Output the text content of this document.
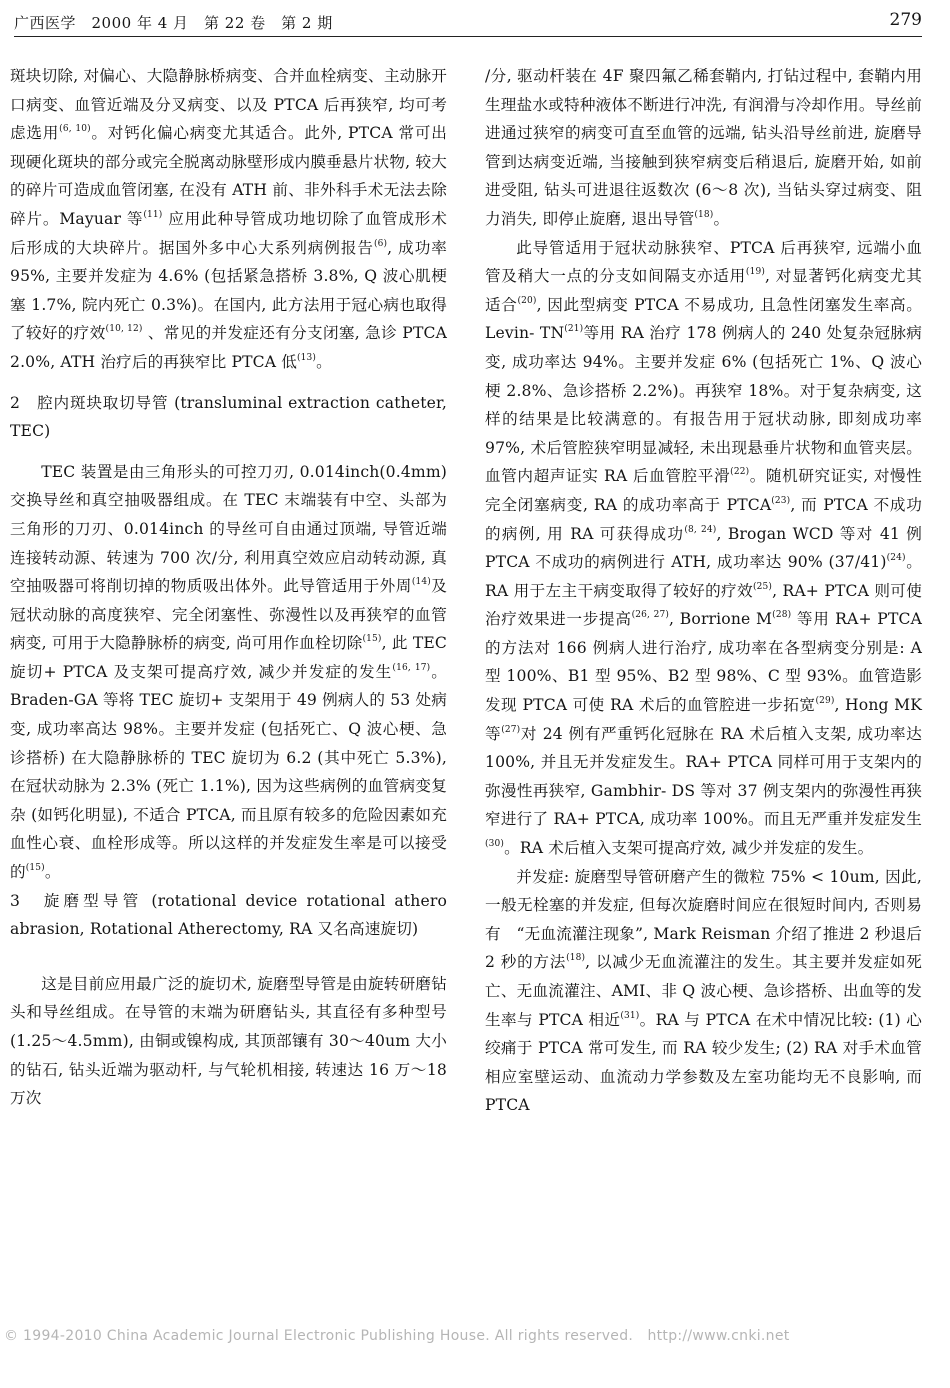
广西医学　2000 年 4 月　第 22 卷　第 2 期	279

斑块切除, 对偏心、大隐静脉桥病变、合并血栓病变、主动脉开口病变、血管近端及分叉病变、以及 PTCA 后再狭窄, 均可考虑选用$^{(6, 10)}$。对钙化偏心病变尤其适合。此外, PTCA 常可出现硬化斑块的部分或完全脱离动脉壁形成内膜垂悬片状物, 较大的碎片可造成血管闭塞, 在没有 ATH 前、非外科手术无法去除碎片。Mayuar 等$^{(11)}$ 应用此种导管成功地切除了血管成形术后形成的大块碎片。据国外多中心大系列病例报告$^{(6)}$, 成功率 95%, 主要并发症为 4.6% (包括紧急搭桥 3.8%, Q 波心肌梗塞 1.7%, 院内死亡 0.3%)。在国内, 此方法用于冠心病也取得了较好的疗效$^{(10, 12)}$ 、常见的并发症还有分支闭塞, 急诊 PTCA 2.0%, ATH 治疗后的再狭窄比 PTCA 低$^{(13)}$。

2　腔内斑块取切导管 (transluminal extraction catheter, TEC)

TEC 装置是由三角形头的可控刀刃, 0.014inch(0.4mm) 交换导丝和真空抽吸器组成。在 TEC 末端装有中空、头部为三角形的刀刃、0.014inch 的导丝可自由通过顶端, 导管近端连接转动源、转速为 700 次/分, 利用真空效应启动转动源, 真空抽吸器可将削切掉的物质吸出体外。此导管适用于外周$^{(14)}$及冠状动脉的高度狭窄、完全闭塞性、弥漫性以及再狭窄的血管病变, 可用于大隐静脉桥的病变, 尚可用作血栓切除$^{(15)}$, 此 TEC 旋切+ PTCA 及支架可提高疗效, 减少并发症的发生$^{(16, 17)}$。Braden-GA 等将 TEC 旋切+ 支架用于 49 例病人的 53 处病变, 成功率高达 98%。主要并发症 (包括死亡、Q 波心梗、急诊搭桥) 在大隐静脉桥的 TEC 旋切为 6.2 (其中死亡 5.3%), 在冠状动脉为 2.3% (死亡 1.1%), 因为这些病例的血管病变复杂 (如钙化明显), 不适合 PTCA, 而且原有较多的危险因素如充血性心衰、血栓形成等。所以这样的并发症发生率是可以接受的$^{(15)}$。

3　旋磨型导管 (rotational device rotational athero abrasion, Rotational Atherectomy, RA 又名高速旋切)

这是目前应用最广泛的旋切术, 旋磨型导管是由旋转研磨钻头和导丝组成。在导管的末端为研磨钻头, 其直径有多种型号 (1.25～4.5mm), 由铜或镍构成, 其顶部镶有 30～40um 大小的钻石, 钻头近端为驱动杆, 与气轮机相接, 转速达 16 万～18 万次

/分, 驱动杆装在 4F 聚四氟乙稀套鞘内, 打钻过程中, 套鞘内用生理盐水或特种液体不断进行冲洗, 有润滑与冷却作用。导丝前进通过狭窄的病变可直至血管的远端, 钻头沿导丝前进, 旋磨导管到达病变近端, 当接触到狭窄病变后稍退后, 旋磨开始, 如前进受阻, 钻头可进退往返数次 (6～8 次), 当钻头穿过病变、阻力消失, 即停止旋磨, 退出导管$^{(18)}$。

此导管适用于冠状动脉狭窄、PTCA 后再狭窄, 远端小血管及稍大一点的分支如间隔支亦适用$^{(19)}$, 对显著钙化病变尤其适合$^{(20)}$, 因此型病变 PTCA 不易成功, 且急性闭塞发生率高。Levin- TN$^{(21)}$等用 RA 治疗 178 例病人的 240 处复杂冠脉病变, 成功率达 94%。主要并发症 6% (包括死亡 1%、Q 波心梗 2.8%、急诊搭桥 2.2%)。再狭窄 18%。对于复杂病变, 这样的结果是比较满意的。有报告用于冠状动脉, 即刻成功率 97%, 术后管腔狭窄明显减轻, 未出现悬垂片状物和血管夹层。血管内超声证实 RA 后血管腔平滑$^{(22)}$。随机研究证实, 对慢性完全闭塞病变, RA 的成功率高于 PTCA$^{(23)}$, 而 PTCA 不成功的病例, 用 RA 可获得成功$^{(8, 24)}$, Brogan WCD 等对 41 例 PTCA 不成功的病例进行 ATH, 成功率达 90% $(37/41)^{(24)}$。RA 用于左主干病变取得了较好的疗效$^{(25)}$, RA+ PTCA 则可使治疗效果进一步提高$^{(26, 27)}$, Borrione $M^{(28)}$ 等用 RA+ PTCA 的方法对 166 例病人进行治疗, 成功率在各型病变分别是: A 型 100%、B1 型 95%、B2 型 98%、C 型 93%。血管造影发现 PTCA 可使 RA 术后的血管腔进一步拓宽$^{(29)}$, Hong MK 等$^{(27)}$对 24 例有严重钙化冠脉在 RA 术后植入支架, 成功率达 100%, 并且无并发症发生。RA+ PTCA 同样可用于支架内的弥漫性再狭窄, Gambhir- DS 等对 37 例支架内的弥漫性再狭窄进行了 RA+ PTCA, 成功率 100%。而且无严重并发症发生$^{(30)}$。RA 术后植入支架可提高疗效, 减少并发症的发生。

并发症: 旋磨型导管研磨产生的微粒 75% < 10um, 因此, 一般无栓塞的并发症, 但每次旋磨时间应在很短时间内, 否则易有　“无血流灌注现象”, Mark Reisman 介绍了推进 2 秒退后 2 秒的方法$^{(18)}$, 以减少无血流灌注的发生。其主要并发症如死亡、无血流灌注、AMI、非 Q 波心梗、急诊搭桥、出血等的发生率与 PTCA 相近$^{(31)}$。RA 与 PTCA 在术中情况比较: (1) 心绞痛于 PTCA 常可发生, 而 RA 较少发生; (2) RA 对手术血管相应室壁运动、血流动力学参数及左室功能均无不良影响, 而 PTCA

© 1994-2010 China Academic Journal Electronic Publishing House. All rights reserved.　http://www.cnki.net
